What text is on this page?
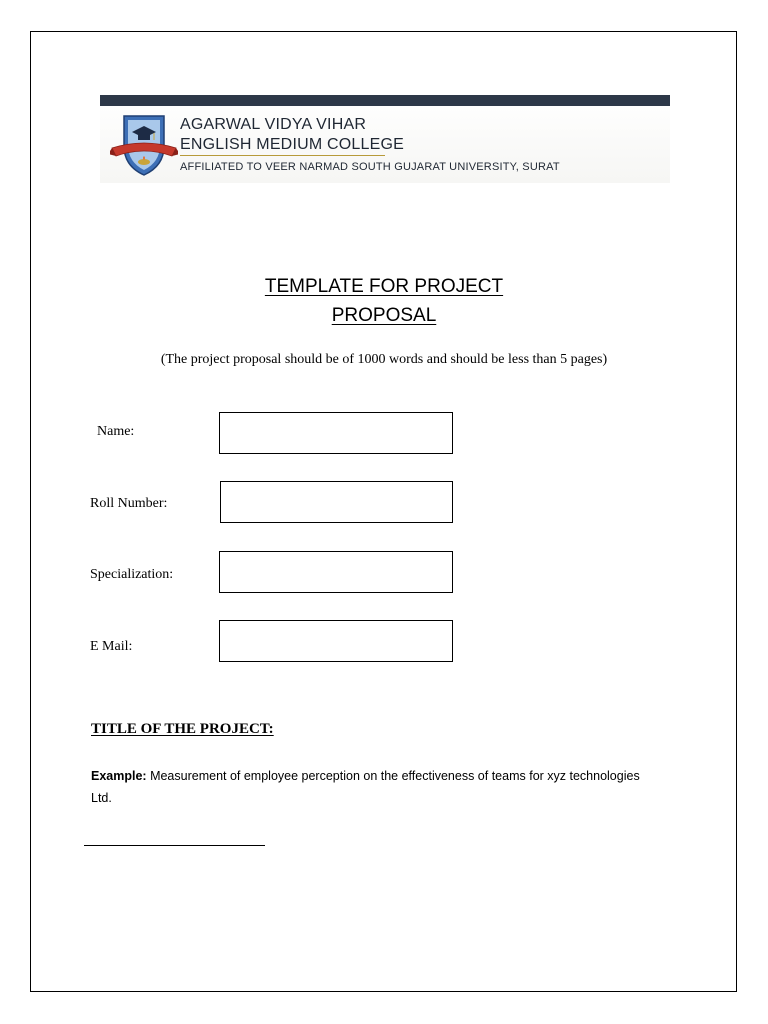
AGARWAL VIDYA VIHAR
ENGLISH MEDIUM COLLEGE
AFFILIATED TO VEER NARMAD SOUTH GUJARAT UNIVERSITY, SURAT
TEMPLATE FOR PROJECT
PROPOSAL
(The project proposal should be of 1000 words and should be less than 5 pages)
Name:
Roll Number:
Specialization:
E Mail:
TITLE OF THE PROJECT:
Example: Measurement of employee perception on the effectiveness of teams for xyz technologies Ltd.
